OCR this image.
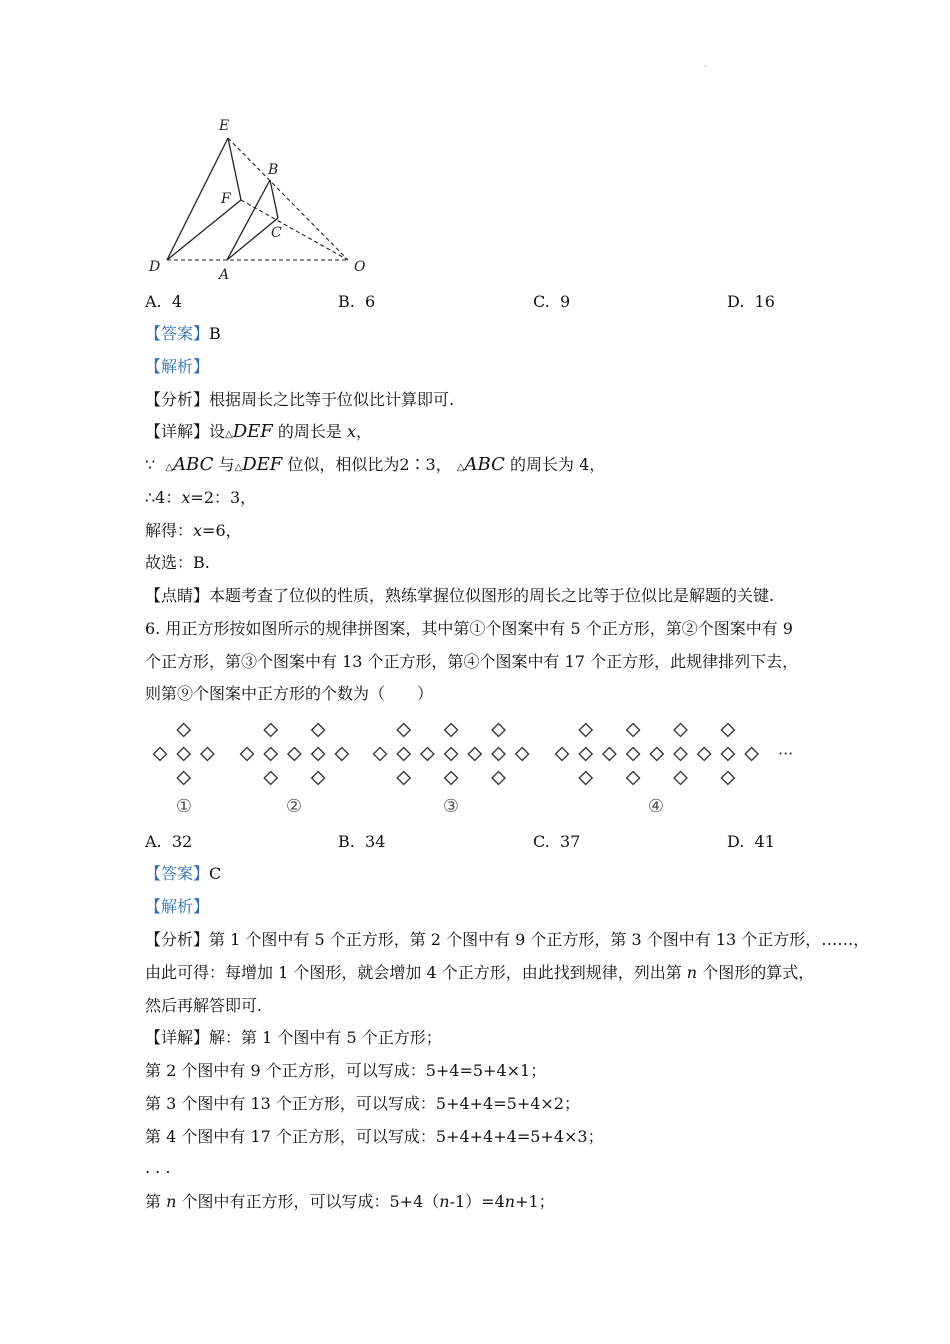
·
E
B
F
C
D	A	O
A. 4	B. 6	C. 9	D. 16
【答案】B
【解析】
【分析】根据周长之比等于位似比计算即可.
【详解】设△DEF 的周长是 x，
∵ △ABC 与△DEF 位似，相似比为2∶3， △ABC 的周长为 4，
∴4：x=2：3，
解得：x=6，
故选：B.
【点睛】本题考查了位似的性质，熟练掌握位似图形的周长之比等于位似比是解题的关键.
6. 用正方形按如图所示的规律拼图案，其中第①个图案中有 5 个正方形，第②个图案中有 9
个正方形，第③个图案中有 13 个正方形，第④个图案中有 17 个正方形，此规律排列下去，
则第⑨个图案中正方形的个数为（　　）
①	②	③	④
···
A. 32	B. 34	C. 37	D. 41
【答案】C
【解析】
【分析】第 1 个图中有 5 个正方形，第 2 个图中有 9 个正方形，第 3 个图中有 13 个正方形，……，
由此可得：每增加 1 个图形，就会增加 4 个正方形，由此找到规律，列出第 n 个图形的算式，
然后再解答即可.
【详解】解：第 1 个图中有 5 个正方形；
第 2 个图中有 9 个正方形，可以写成：5+4=5+4×1；
第 3 个图中有 13 个正方形，可以写成：5+4+4=5+4×2；
第 4 个图中有 17 个正方形，可以写成：5+4+4+4=5+4×3；
. . .
第 n 个图中有正方形，可以写成：5+4（n-1）=4n+1；
